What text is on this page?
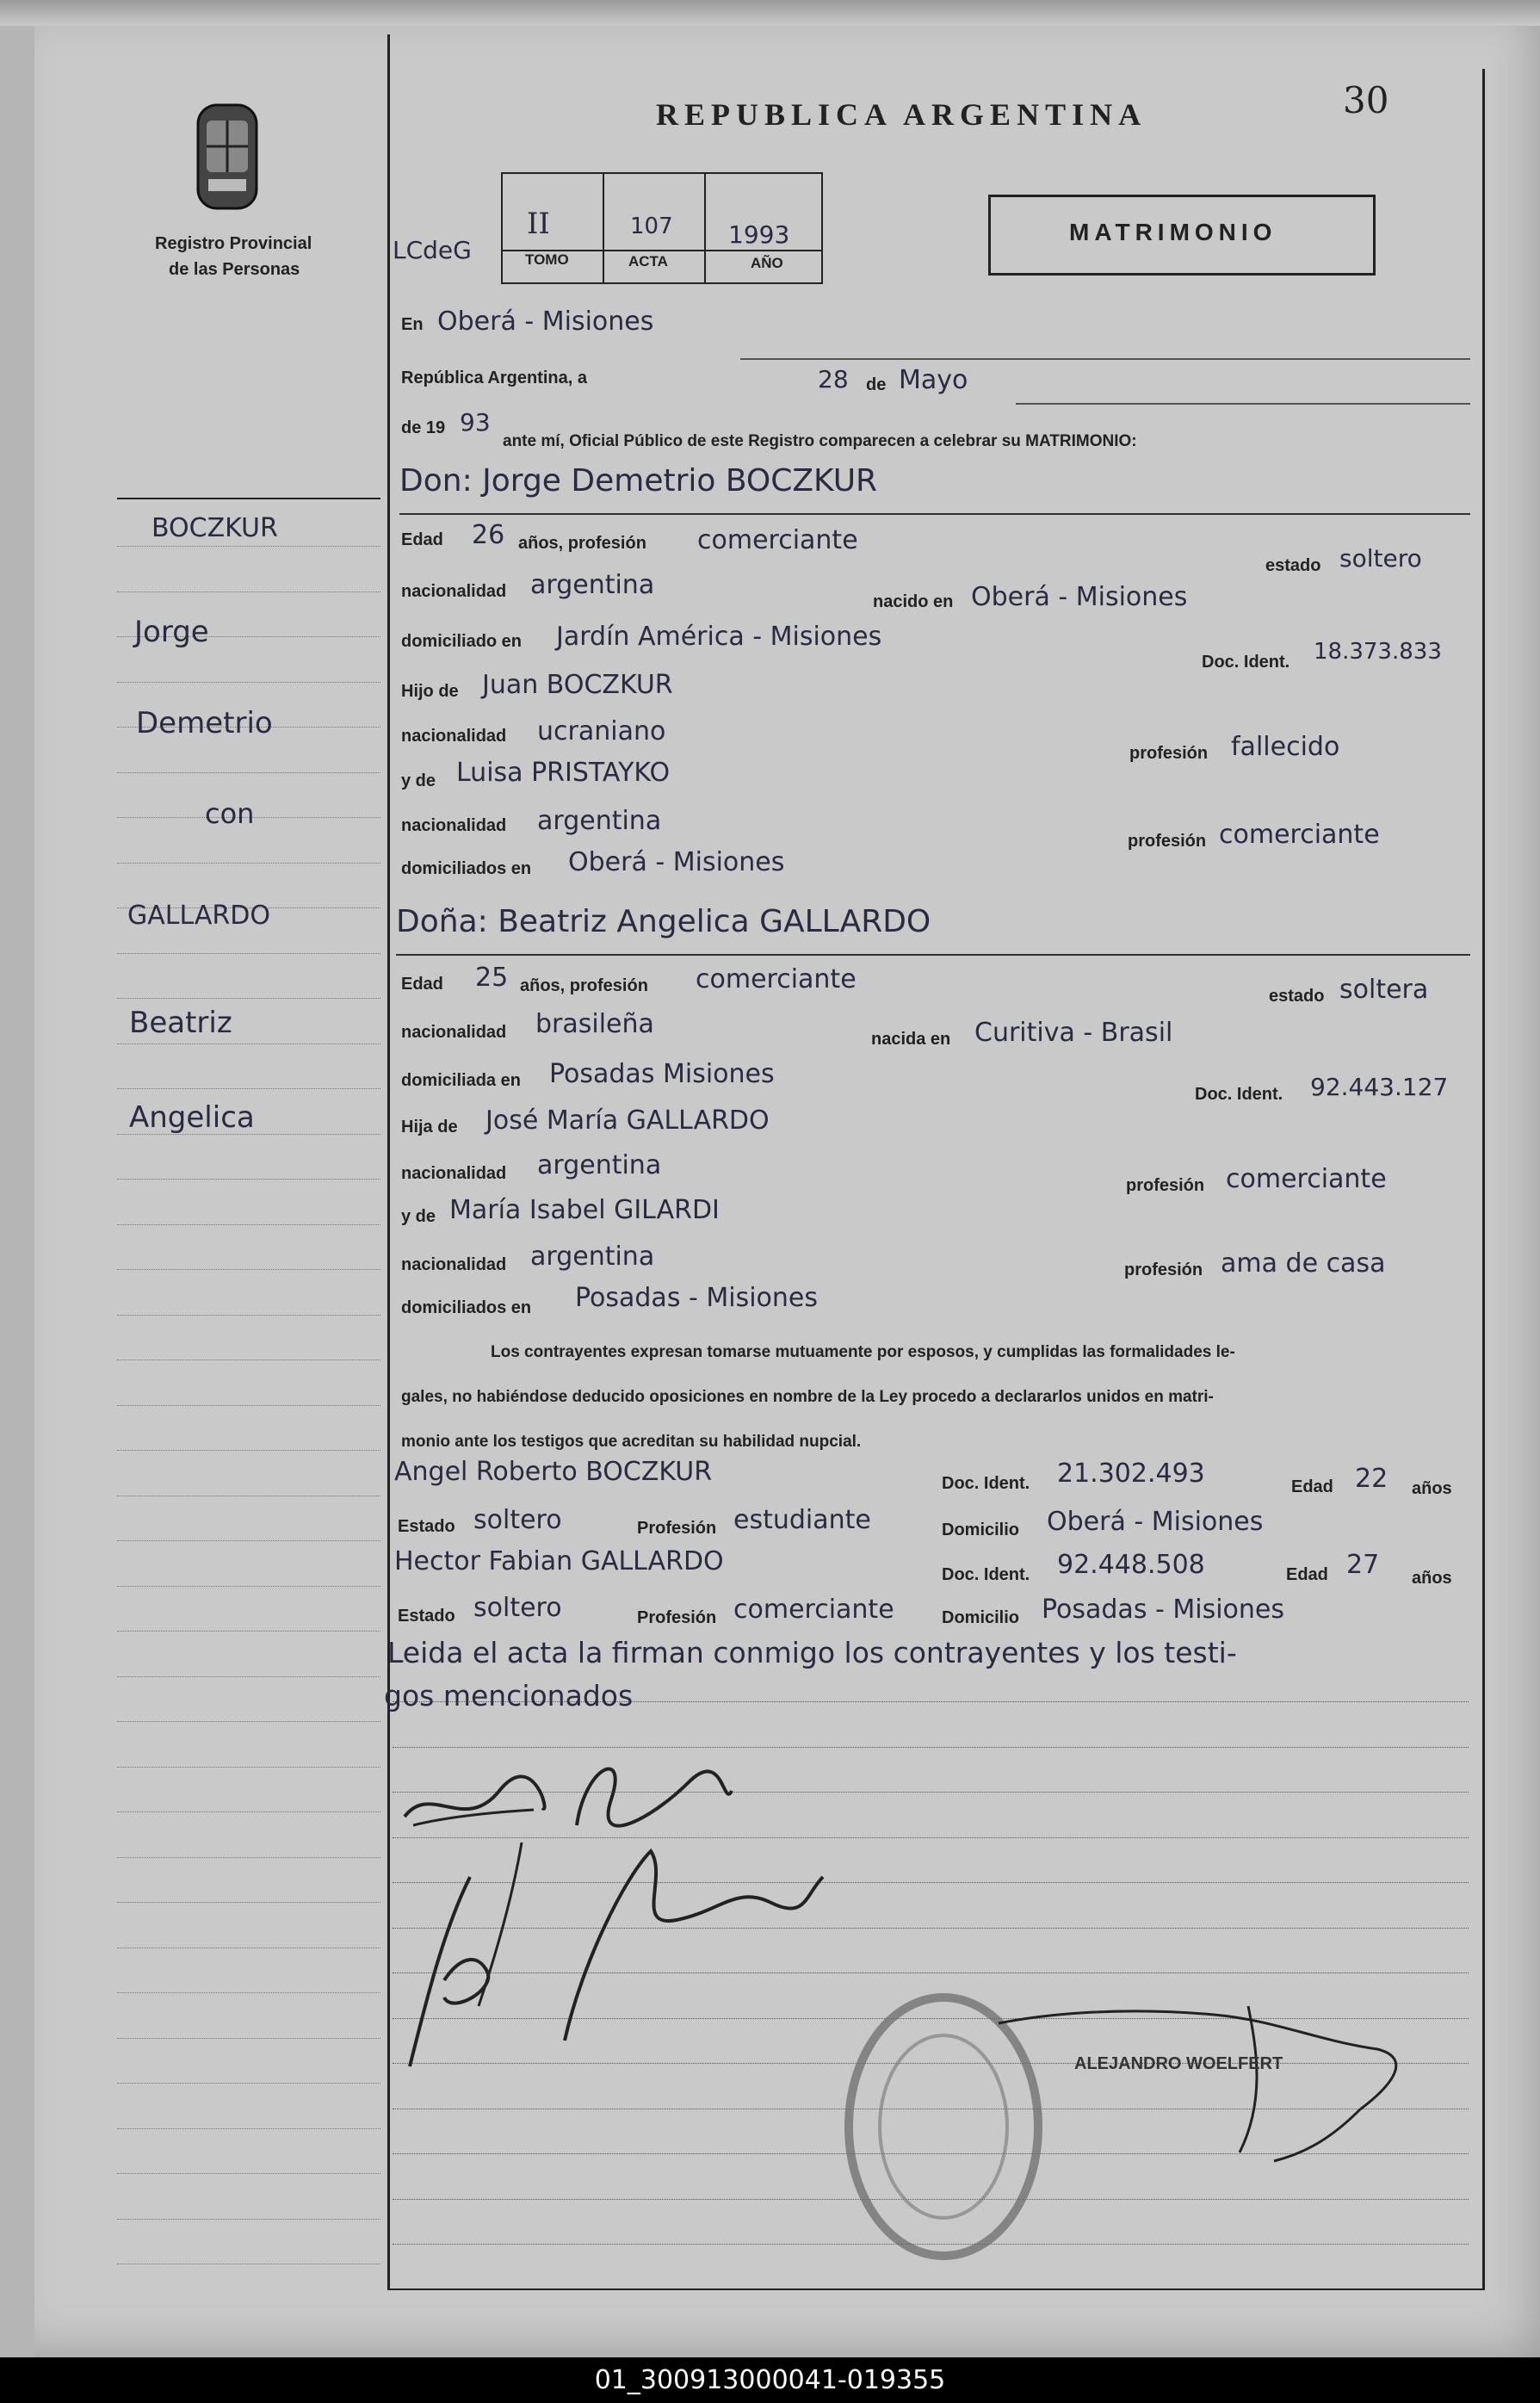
Registro Provincial
de las Personas
REPUBLICA ARGENTINA	30
LCdeG
II	107 1993
TOMO	ACTA	AÑO
MATRIMONIO
BOCZKUR
Jorge
Demetrio
con
GALLARDO
Beatriz
Angelica
En Oberá - Misiones
República Argentina, a	28 de Mayo
de 19 93
ante mí, Oficial Público de este Registro comparecen a celebrar su MATRIMONIO:
Don: Jorge Demetrio BOCZKUR
Edad 26 años, profesión comerciante
estado soltero
nacionalidad argentina
nacido en Oberá - Misiones
domiciliado en Jardín América - Misiones
Doc. Ident. 18.373.833
Hijo de Juan BOCZKUR
nacionalidad ucraniano
profesión fallecido
y de Luisa PRISTAYKO
nacionalidad argentina
profesión comerciante
domiciliados en Oberá - Misiones
Doña: Beatriz Angelica GALLARDO
Edad 25 años, profesión comerciante
estado soltera
nacionalidad brasileña	nacida en Curitiva - Brasil
domiciliada en Posadas Misiones
Doc. Ident. 92.443.127
Hija de José María GALLARDO
nacionalidad argentina
profesión comerciante
y de María Isabel GILARDI
nacionalidad argentina	profesión ama de casa
domiciliados en Posadas - Misiones
Los contrayentes expresan tomarse mutuamente por esposos, y cumplidas las formalidades le-
gales, no habiéndose deducido oposiciones en nombre de la Ley procedo a declararlos unidos en matri-
monio ante los testigos que acreditan su habilidad nupcial.
Angel Roberto BOCZKUR	Doc. Ident. 21.302.493	Edad 22 años
Estado soltero	Profesión estudiante	Domicilio Oberá - Misiones
Hector Fabian GALLARDO	Doc. Ident. 92.448.508	Edad 27 años
Estado soltero	Profesión comerciante	Domicilio Posadas - Misiones
Leida el acta la firman conmigo los contrayentes y los testi-
gos mencionados
ALEJANDRO WOELFERT
01_300913000041-019355
